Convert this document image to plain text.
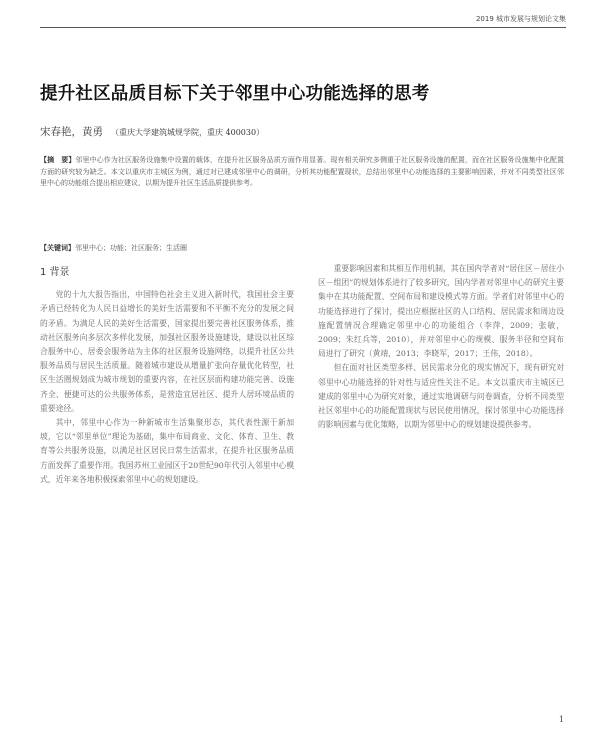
2019 城市发展与规划论文集
提升社区品质目标下关于邻里中心功能选择的思考
宋春艳，黄勇 （重庆大学建筑城规学院，重庆 400030）
【摘　要】邻里中心作为社区服务设施集中设置的载体，在提升社区服务品质方面作用显著。现有相关研究多侧重于社区服务设施的配置，而在社区服务设施集中化配置方面的研究较为缺乏。本文以重庆市主城区为例，通过对已建成邻里中心的调研，分析其功能配置现状，总结出邻里中心功能选择的主要影响因素，并对不同类型社区邻里中心的功能组合提出相应建议，以期为提升社区生活品质提供参考。
【关键词】邻里中心；功能；社区服务；生活圈
1 背景

党的十九大报告指出，中国特色社会主义进入新时代，我国社会主要矛盾已经转化为人民日益增长的美好生活需要和不平衡不充分的发展之间的矛盾。为满足人民的美好生活需要，国家提出要完善社区服务体系，推动社区服务向多层次多样化发展，加强社区服务设施建设，建设以社区综合服务中心、居委会服务站为主体的社区服务设施网络，以提升社区公共服务品质与居民生活质量。随着城市建设从增量扩张向存量优化转型，社区生活圈规划成为城市规划的重要内容，在社区层面构建功能完善、设施齐全、便捷可达的公共服务体系，是营造宜居社区、提升人居环境品质的重要途径。

其中，邻里中心作为一种新城市生活集聚形态，其代表性源于新加坡，它以“邻里单位”理论为基础，集中布局商业、文化、体育、卫生、教育等公共服务设施，以满足社区居民日常生活需求，在提升社区服务品质方面发挥了重要作用。我国苏州工业园区于20世纪90年代引入邻里中心模式，近年来各地积极探索邻里中心的规划建设。

重要影响因素和其相互作用机制，其在国内学者对“居住区－居住小区－组团”的规划体系进行了较多研究，国内学者对邻里中心的研究主要集中在其功能配置、空间布局和建设模式等方面。学者们对邻里中心的功能选择进行了探讨，提出应根据社区的人口结构、居民需求和周边设施配置情况合理确定邻里中心的功能组合（李萍，2009；张敏，2009；朱红兵等，2010），并对邻里中心的规模、服务半径和空间布局进行了研究（黄靖，2013；李晓军，2017；王伟，2018）。

但在面对社区类型多样、居民需求分化的现实情况下，现有研究对邻里中心功能选择的针对性与适应性关注不足。本文以重庆市主城区已建成的邻里中心为研究对象，通过实地调研与问卷调查，分析不同类型社区邻里中心的功能配置现状与居民使用情况，探讨邻里中心功能选择的影响因素与优化策略，以期为邻里中心的规划建设提供参考。

1
